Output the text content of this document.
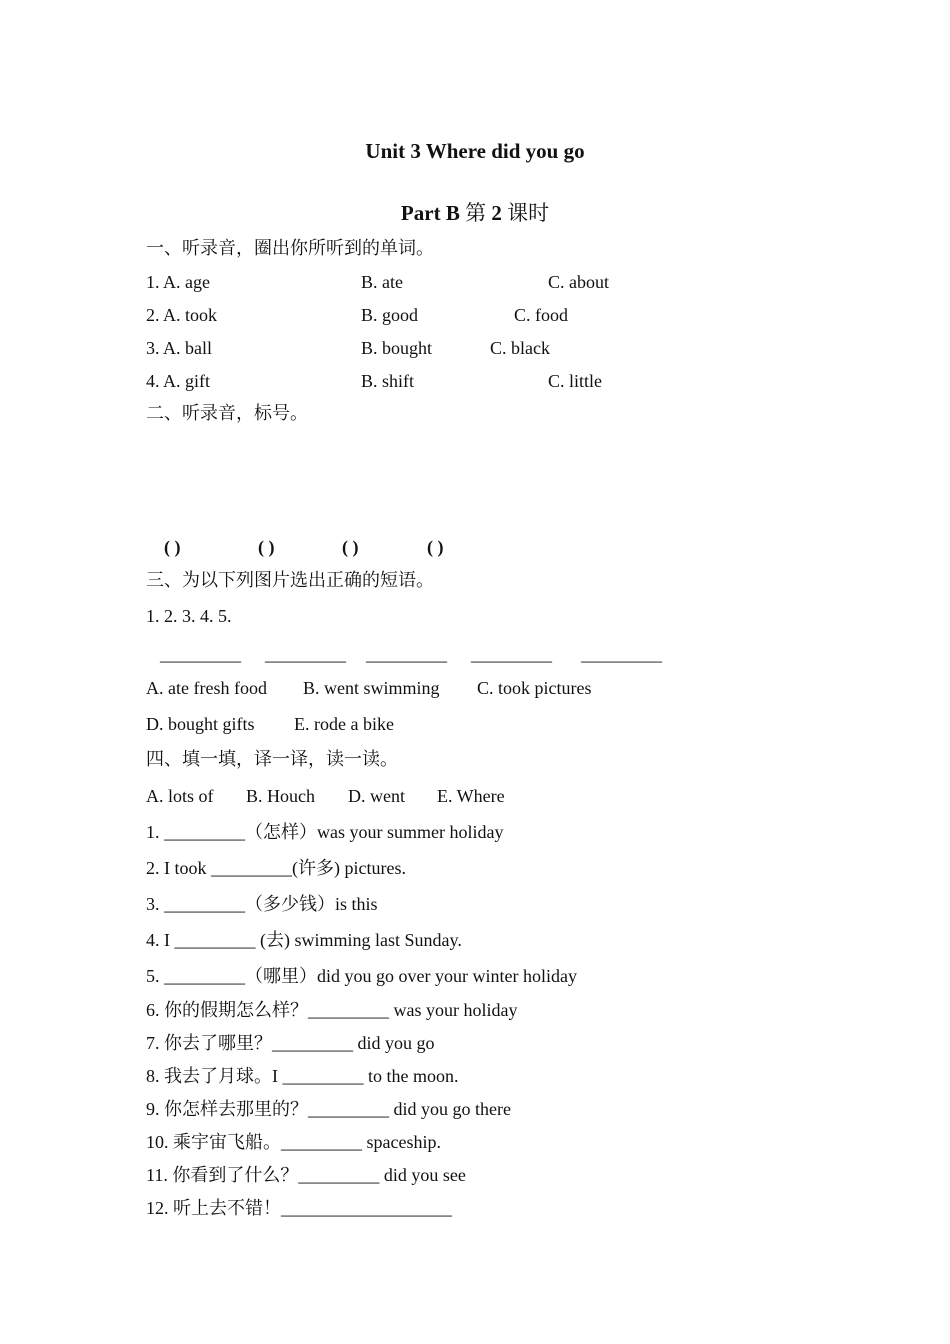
Unit 3 Where did you go
Part B 第 2 课时
一、听录音，圈出你所听到的单词。
1. A. age	B. ate	C. about
2. A. took	B. good	C. food
3. A. ball	B. bought	C. black
4. A. gift	B. shift	C. little
二、听录音，标号。
( )	( )	( )	( )
三、为以下列图片选出正确的短语。
1. 2. 3. 4. 5.
_________ _________ _________ _________ _________
A. ate fresh food B. went swimming C. took pictures
D. bought gifts E. rode a bike
四、填一填，译一译，读一读。
A. lots of B. Houch D. went E. Where
1. _________（怎样）was your summer holiday
2. I took _________(许多) pictures.
3. _________（多少钱）is this
4. I _________ (去) swimming last Sunday.
5. _________（哪里）did you go over your winter holiday
6. 你的假期怎么样？_________ was your holiday
7. 你去了哪里？_________ did you go
8. 我去了月球。I _________ to the moon.
9. 你怎样去那里的？_________ did you go there
10. 乘宇宙飞船。_________ spaceship.
11. 你看到了什么？_________ did you see
12. 听上去不错！___________________
